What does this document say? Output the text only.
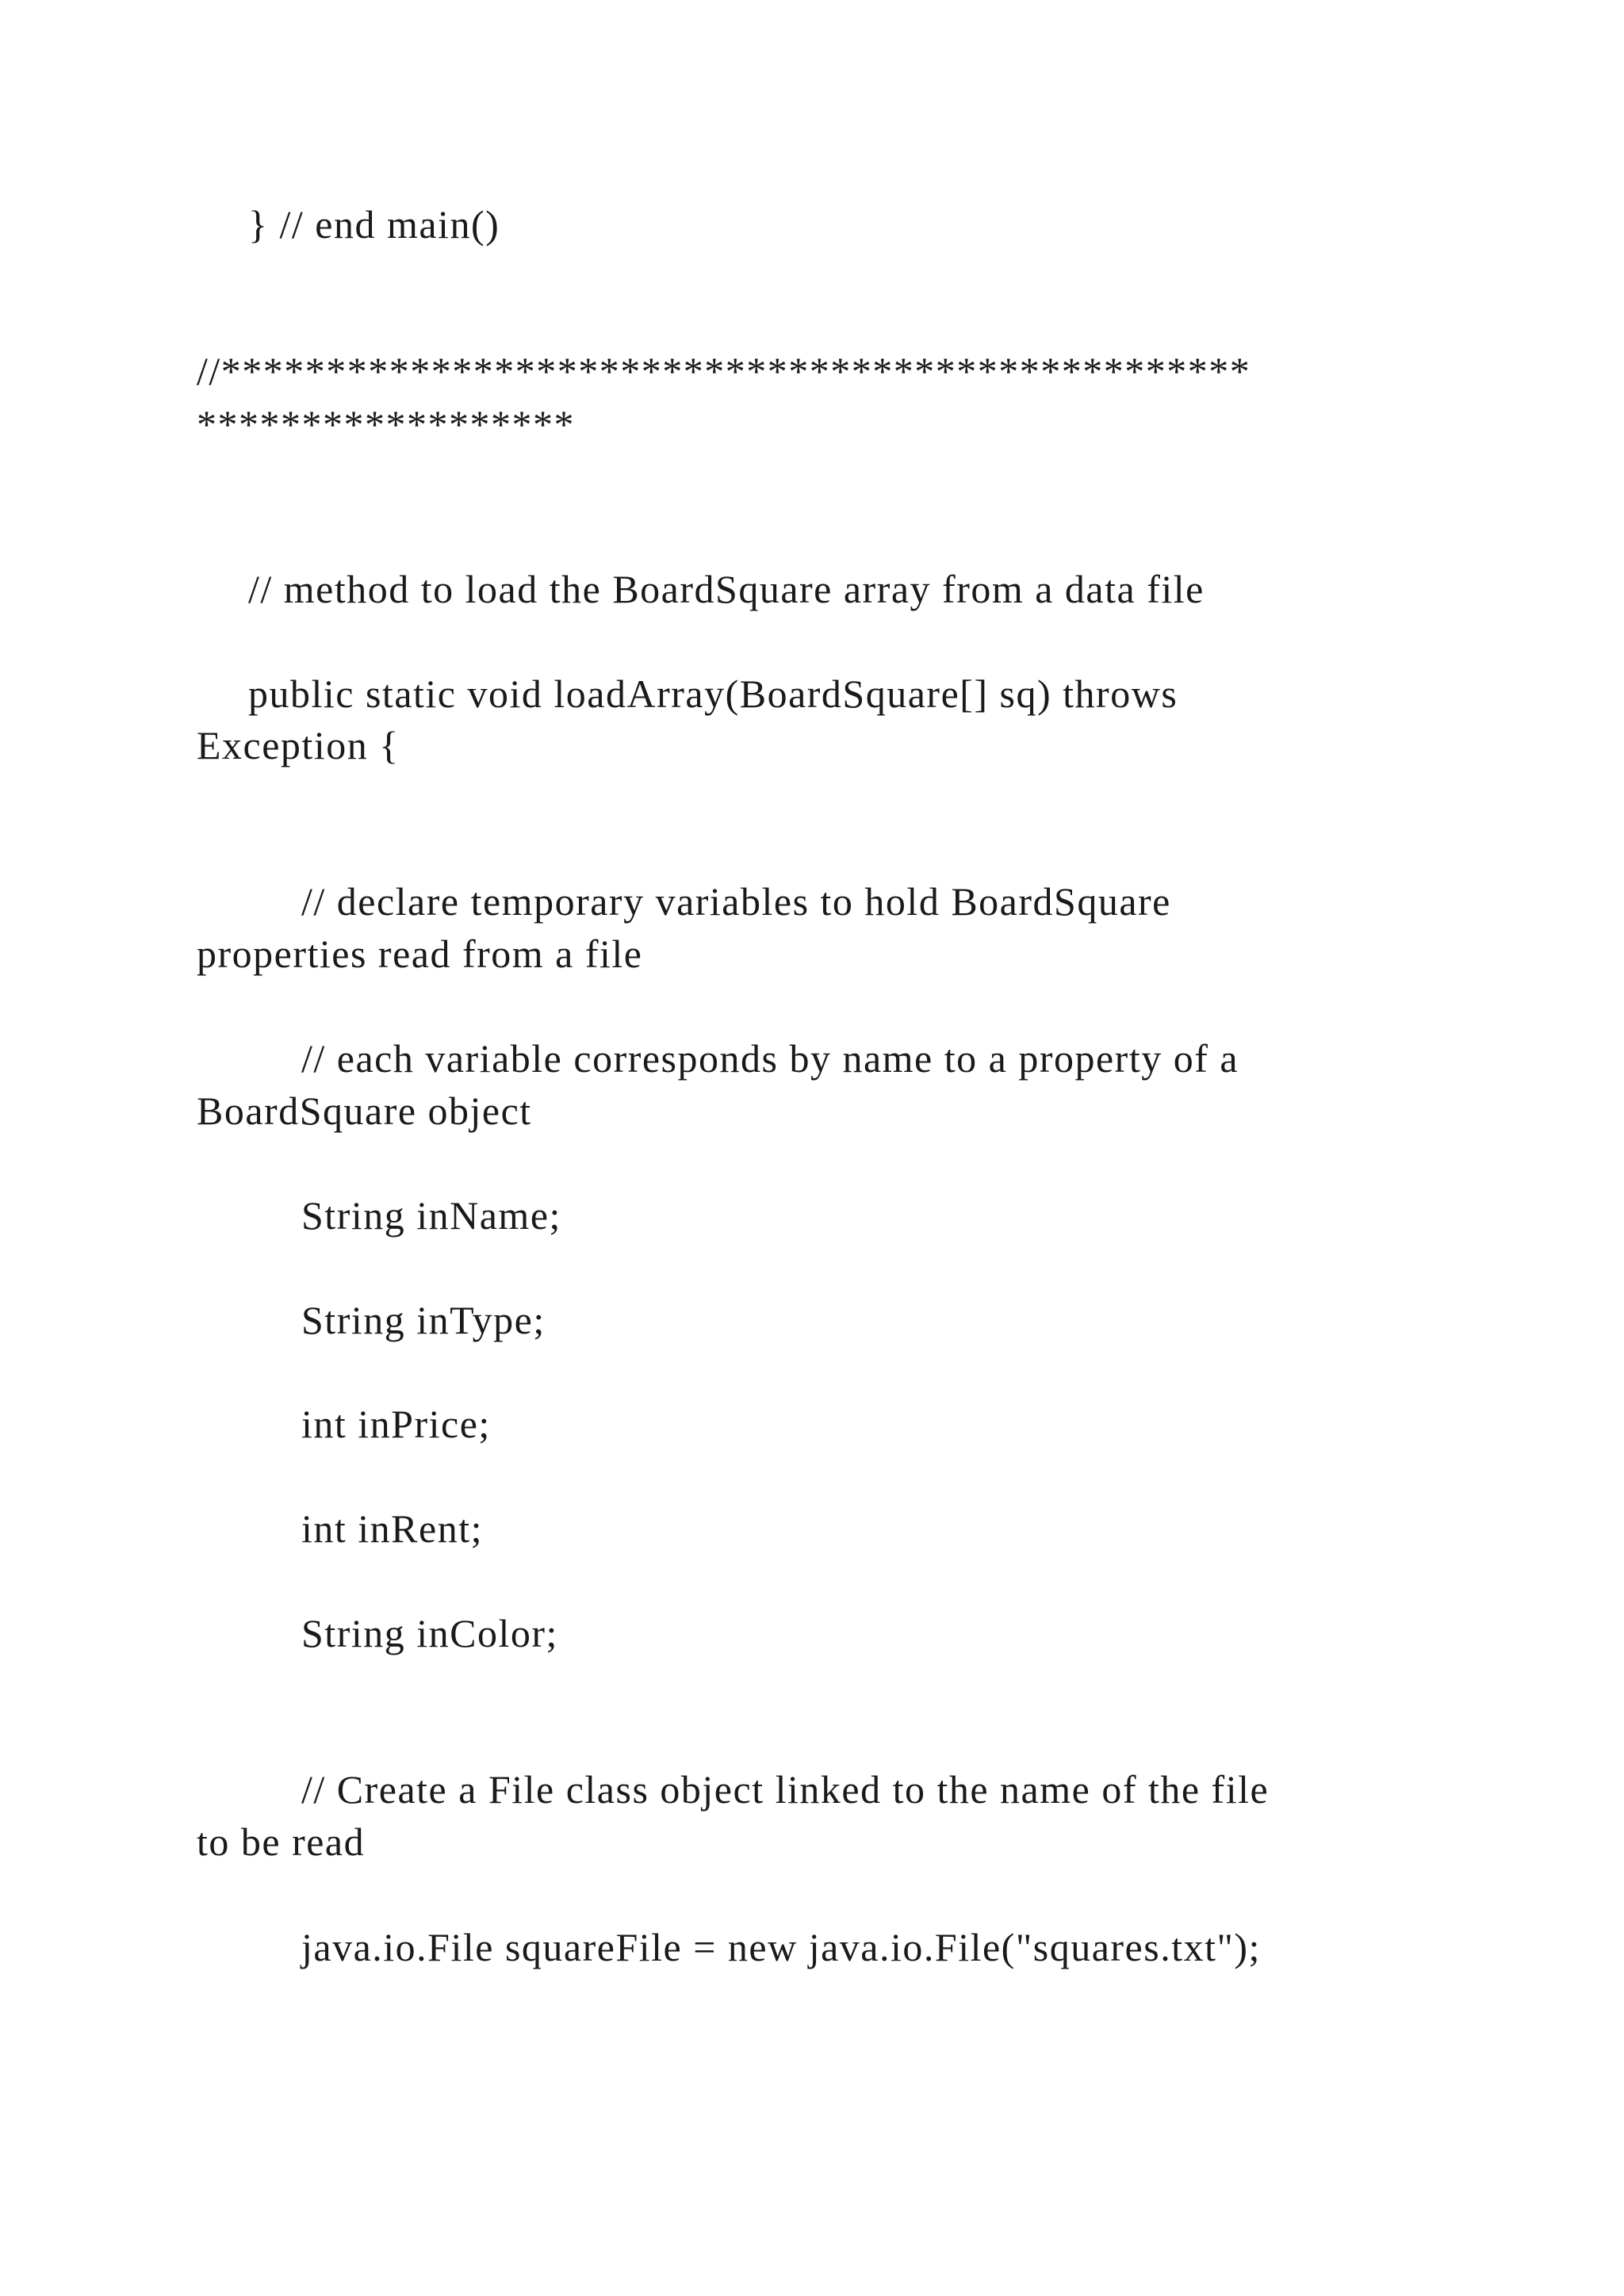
} // end main()

//*************************************************

******************

// method to load the BoardSquare array from a data file

public static void loadArray(BoardSquare[] sq) throws

Exception {

// declare temporary variables to hold BoardSquare

properties read from a file

// each variable corresponds by name to a property of a

BoardSquare object

String inName;

String inType;

int inPrice;

int inRent;

String inColor;

// Create a File class object linked to the name of the file

to be read

java.io.File squareFile = new java.io.File("squares.txt");
